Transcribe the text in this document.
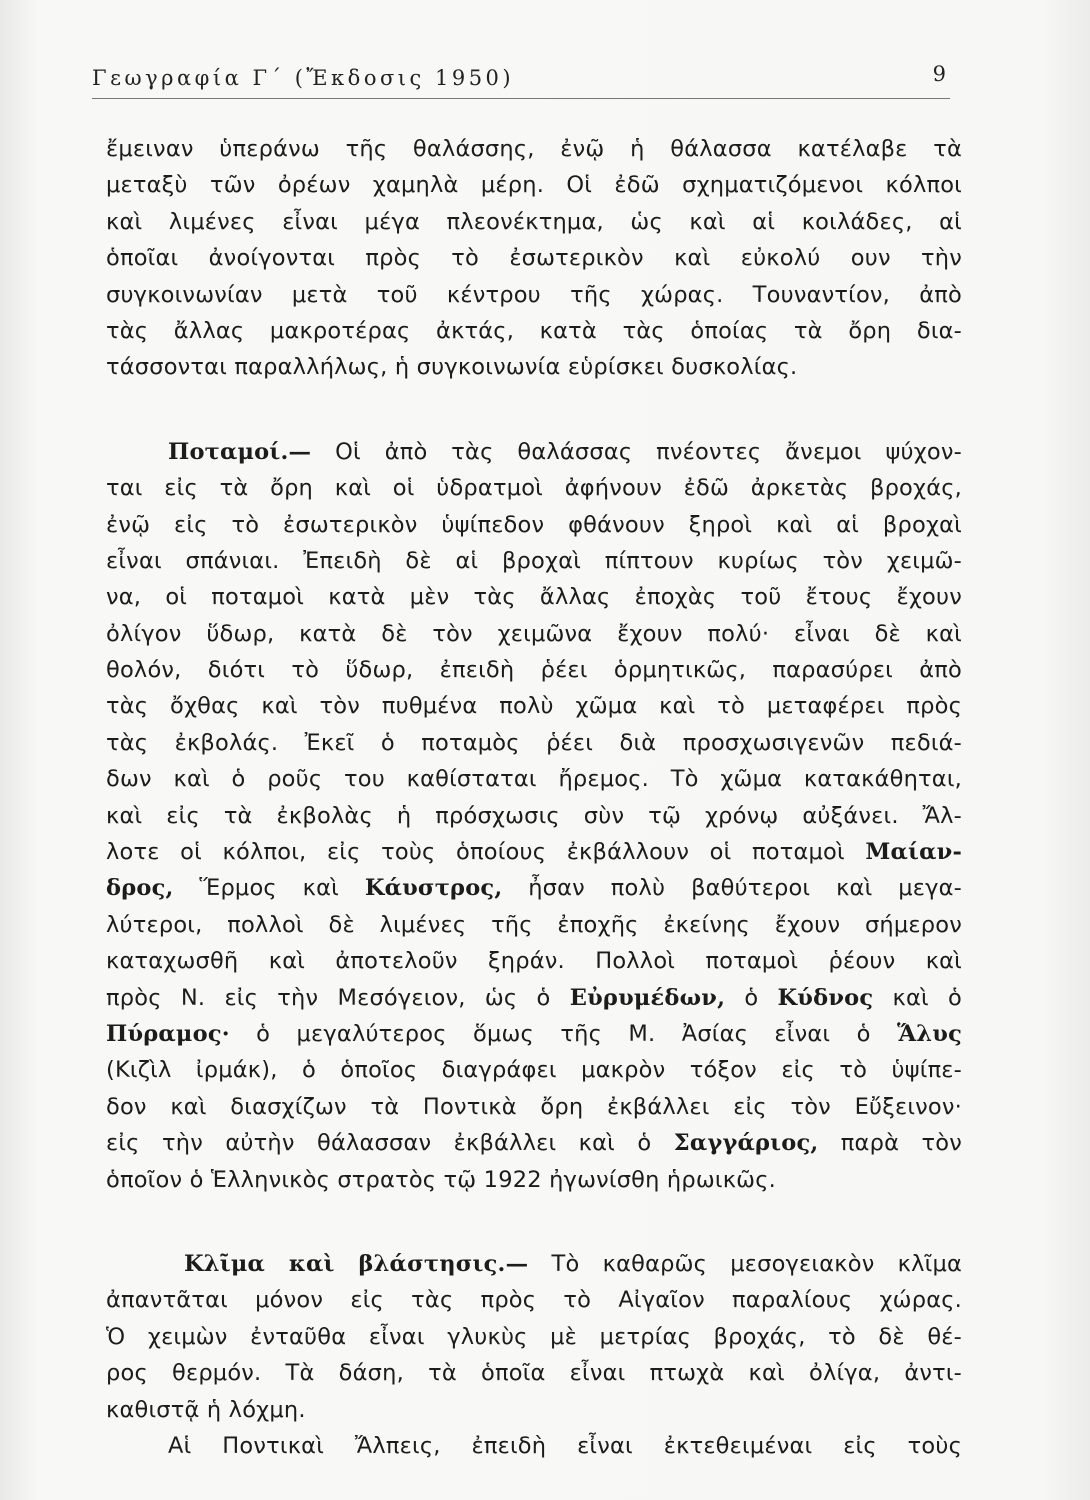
Γεωγραφία Γ΄ (Ἔκδοσις 1950)	9
ἔμειναν ὑπεράνω τῆς θαλάσσης, ἐνῷ ἡ θάλασσα κατέλαβε τὰ
μεταξὺ τῶν ὀρέων χαμηλὰ μέρη. Οἱ ἐδῶ σχηματιζόμενοι κόλποι
καὶ λιμένες εἶναι μέγα πλεονέκτημα, ὡς καὶ αἱ κοιλάδες, αἱ
ὁποῖαι ἀνοίγονται πρὸς τὸ ἐσωτερικὸν καὶ εὐκολύ ουν τὴν
συγκοινωνίαν μετὰ τοῦ κέντρου τῆς χώρας. Τουναντίον, ἀπὸ
τὰς ἄλλας μακροτέρας ἀκτάς, κατὰ τὰς ὁποίας τὰ ὄρη δια-
τάσσονται παραλλήλως, ἡ συγκοινωνία εὑρίσκει δυσκολίας.
Ποταμοί.— Οἱ ἀπὸ τὰς θαλάσσας πνέοντες ἄνεμοι ψύχον-
ται εἰς τὰ ὄρη καὶ οἱ ὑδρατμοὶ ἀφήνουν ἐδῶ ἀρκετὰς βροχάς,
ἐνῷ εἰς τὸ ἐσωτερικὸν ὑψίπεδον φθάνουν ξηροὶ καὶ αἱ βροχαὶ
εἶναι σπάνιαι. Ἐπειδὴ δὲ αἱ βροχαὶ πίπτουν κυρίως τὸν χειμῶ-
να, οἱ ποταμοὶ κατὰ μὲν τὰς ἄλλας ἐποχὰς τοῦ ἔτους ἔχουν
ὀλίγον ὕδωρ, κατὰ δὲ τὸν χειμῶνα ἔχουν πολύ· εἶναι δὲ καὶ
θολόν, διότι τὸ ὕδωρ, ἐπειδὴ ῥέει ὁρμητικῶς, παρασύρει ἀπὸ
τὰς ὄχθας καὶ τὸν πυθμένα πολὺ χῶμα καὶ τὸ μεταφέρει πρὸς
τὰς ἐκβολάς. Ἐκεῖ ὁ ποταμὸς ῥέει διὰ προσχωσιγενῶν πεδιά-
δων καὶ ὁ ροῦς του καθίσταται ἤρεμος. Τὸ χῶμα κατακάθηται,
καὶ εἰς τὰ ἐκβολὰς ἡ πρόσχωσις σὺν τῷ χρόνῳ αὐξάνει. Ἄλ-
λοτε οἱ κόλποι, εἰς τοὺς ὁποίους ἐκβάλλουν οἱ ποταμοὶ Μαίαν-
δρος, Ἕρμος καὶ Κάυστρος, ἦσαν πολὺ βαθύτεροι καὶ μεγα-
λύτεροι, πολλοὶ δὲ λιμένες τῆς ἐποχῆς ἐκείνης ἔχουν σήμερον
καταχωσθῆ καὶ ἀποτελοῦν ξηράν. Πολλοὶ ποταμοὶ ῥέουν καὶ
πρὸς Ν. εἰς τὴν Μεσόγειον, ὡς ὁ Εὐρυμέδων, ὁ Κύδνος καὶ ὁ
Πύραμος· ὁ μεγαλύτερος ὅμως τῆς Μ. Ἀσίας εἶναι ὁ Ἅλυς
(Κιζὶλ ἰρμάκ), ὁ ὁποῖος διαγράφει μακρὸν τόξον εἰς τὸ ὑψίπε-
δον καὶ διασχίζων τὰ Ποντικὰ ὄρη ἐκβάλλει εἰς τὸν Εὔξεινον·
εἰς τὴν αὐτὴν θάλασσαν ἐκβάλλει καὶ ὁ Σαγγάριος, παρὰ τὸν
ὁποῖον ὁ Ἑλληνικὸς στρατὸς τῷ 1922 ἠγωνίσθη ἡρωικῶς.
Κλῖμα καὶ βλάστησις.— Τὸ καθαρῶς μεσογειακὸν κλῖμα
ἀπαντᾶται μόνον εἰς τὰς πρὸς τὸ Αἰγαῖον παραλίους χώρας.
Ὁ χειμὼν ἐνταῦθα εἶναι γλυκὺς μὲ μετρίας βροχάς, τὸ δὲ θέ-
ρος θερμόν. Τὰ δάση, τὰ ὁποῖα εἶναι πτωχὰ καὶ ὀλίγα, ἀντι-
καθιστᾷ ἡ λόχμη.
Αἱ Ποντικαὶ Ἄλπεις, ἐπειδὴ εἶναι ἐκτεθειμέναι εἰς τοὺς
